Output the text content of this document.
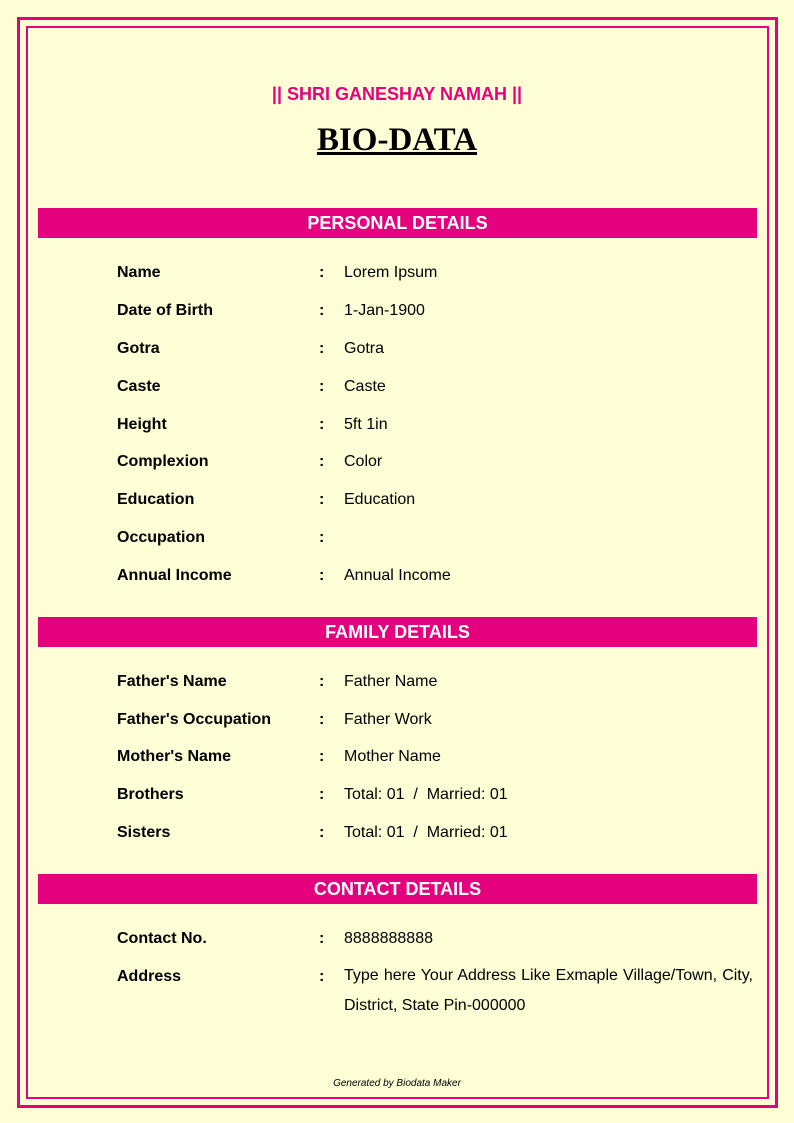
|| SHRI GANESHAY NAMAH ||
BIO-DATA
PERSONAL DETAILS
Name	: Lorem Ipsum
Date of Birth	: 1-Jan-1900
Gotra	: Gotra
Caste	: Caste
Height	: 5ft 1in
Complexion	: Color
Education	: Education
Occupation	:
Annual Income	: Annual Income
FAMILY DETAILS
Father's Name	: Father Name
Father's Occupation	: Father Work
Mother's Name	: Mother Name
Brothers	: Total: 01  /  Married: 01
Sisters	: Total: 01  /  Married: 01
CONTACT DETAILS
Contact No.	: 8888888888
Address	: Type here Your Address Like Exmaple Village/Town, City, District, State Pin-000000
Generated by Biodata Maker
